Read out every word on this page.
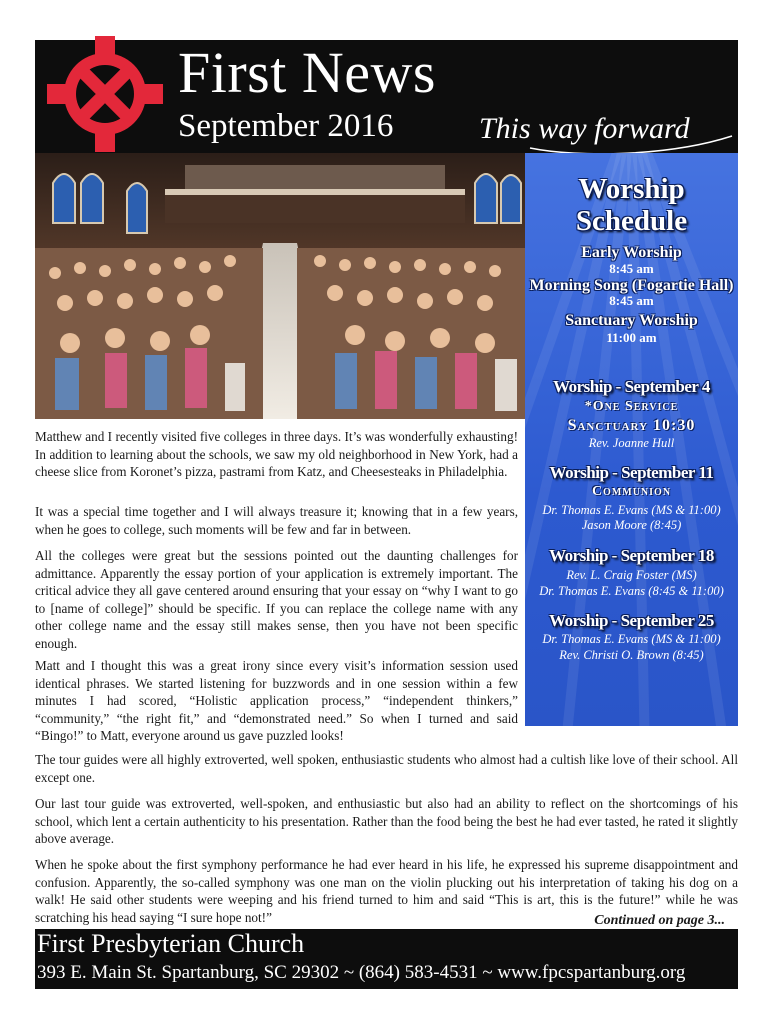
First News
September 2016	This way forward
Worship
Schedule
Early Worship
8:45 am
Morning Song (Fogartie Hall)
8:45 am
Sanctuary Worship
11:00 am
Worship - September 4
*One Service
Sanctuary 10:30
Rev. Joanne Hull
Worship - September 11
Communion
Dr. Thomas E. Evans (MS & 11:00)
Jason Moore (8:45)
Worship - September 18
Rev. L. Craig Foster (MS)
Dr. Thomas E. Evans (8:45 & 11:00)
Worship - September 25
Dr. Thomas E. Evans (MS & 11:00)
Rev. Christi O. Brown (8:45)
Matthew and I recently visited five colleges in three days. It’s was wonderfully exhausting! In addition to learning about the schools, we saw my old neighborhood in New York, had a cheese slice from Koronet’s pizza, pastrami from Katz, and Cheesesteaks in Philadelphia.
It was a special time together and I will always treasure it; knowing that in a few years, when he goes to college, such moments will be few and far in between.
All the colleges were great but the sessions pointed out the daunting challenges for admittance. Apparently the essay portion of your application is extremely important. The critical advice they all gave centered around ensuring that your essay on “why I want to go to [name of college]” should be specific. If you can replace the college name with any other college name and the essay still makes sense, then you have not been specific enough.
Matt and I thought this was a great irony since every visit’s information session used identical phrases. We started listening for buzzwords and in one session within a few minutes I had scored, “Holistic application process,” “independent thinkers,” “community,” “the right fit,” and “demonstrated need.” So when I turned and said “Bingo!” to Matt, everyone around us gave puzzled looks!
The tour guides were all highly extroverted, well spoken, enthusiastic students who almost had a cultish like love of their school. All except one.
Our last tour guide was extroverted, well-spoken, and enthusiastic but also had an ability to reflect on the shortcomings of his school, which lent a certain authenticity to his presentation. Rather than the food being the best he had ever tasted, he rated it slightly above average.
When he spoke about the first symphony performance he had ever heard in his life, he expressed his supreme disappointment and confusion. Apparently, the so-called symphony was one man on the violin plucking out his interpretation of taking his dog on a walk! He said other students were weeping and his friend turned to him and said “This is art, this is the future!” while he was scratching his head saying “I sure hope not!”	Continued on page 3...
First Presbyterian Church
393 E. Main St. Spartanburg, SC 29302 ~ (864) 583-4531 ~ www.fpcspartanburg.org
